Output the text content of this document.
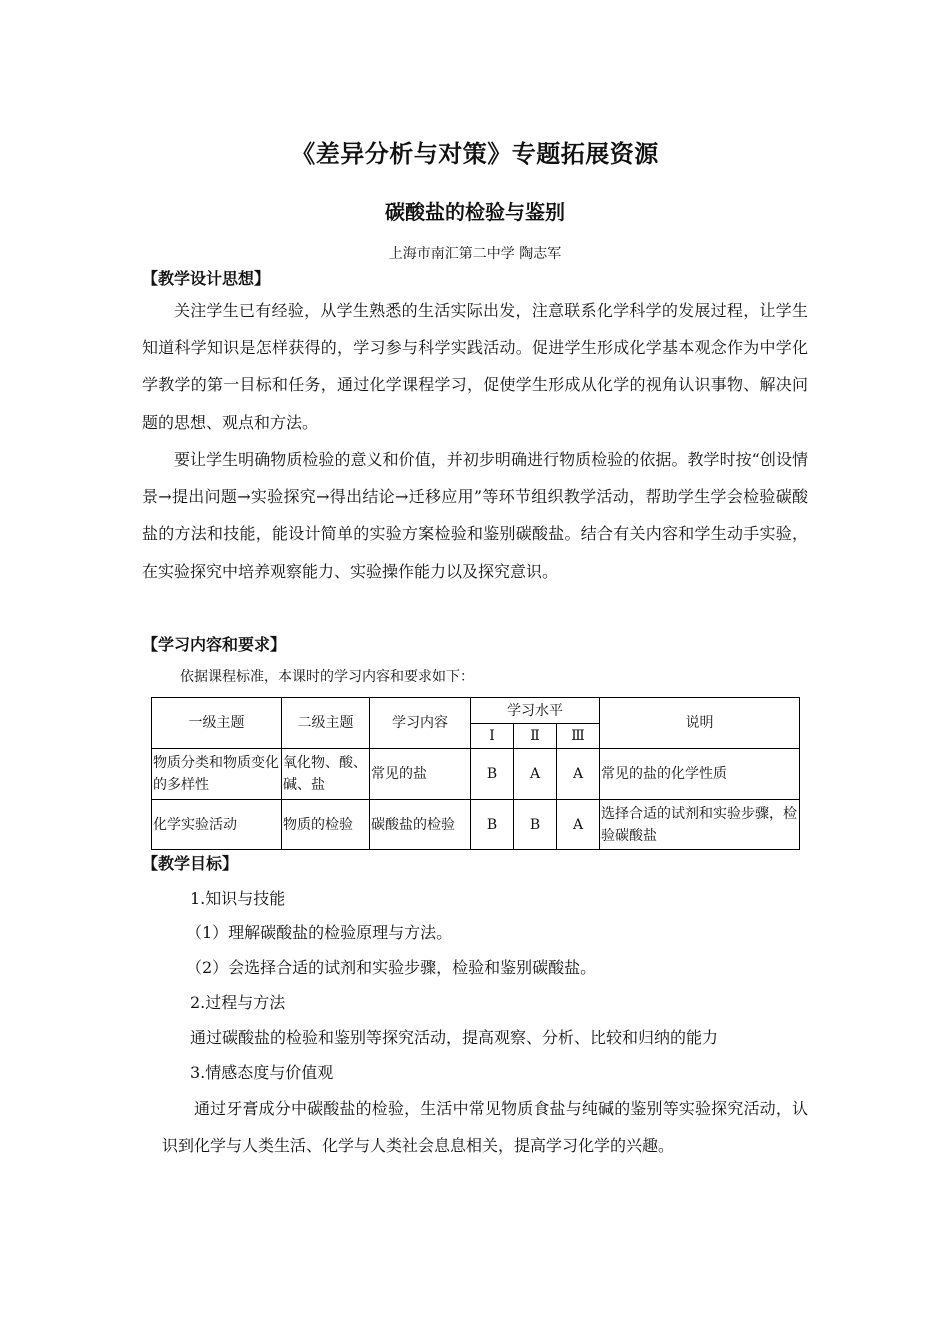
《差异分析与对策》专题拓展资源
碳酸盐的检验与鉴别
上海市南汇第二中学 陶志军
【教学设计思想】
关注学生已有经验，从学生熟悉的生活实际出发，注意联系化学科学的发展过程，让学生知道科学知识是怎样获得的，学习参与科学实践活动。促进学生形成化学基本观念作为中学化学教学的第一目标和任务，通过化学课程学习，促使学生形成从化学的视角认识事物、解决问题的思想、观点和方法。
要让学生明确物质检验的意义和价值，并初步明确进行物质检验的依据。教学时按“创设情景→提出问题→实验探究→得出结论→迁移应用”等环节组织教学活动，帮助学生学会检验碳酸盐的方法和技能，能设计简单的实验方案检验和鉴别碳酸盐。结合有关内容和学生动手实验，在实验探究中培养观察能力、实验操作能力以及探究意识。
【学习内容和要求】
依据课程标准，本课时的学习内容和要求如下：
一级主题	二级主题	学习内容	学习水平			说明
			Ⅰ	Ⅱ	Ⅲ	
物质分类和物质变化的多样性	氧化物、酸、碱、盐	常见的盐	B	A	A	常见的盐的化学性质
化学实验活动	物质的检验	碳酸盐的检验	B	B	A	选择合适的试剂和实验步骤，检验碳酸盐
【教学目标】
1.知识与技能
（1）理解碳酸盐的检验原理与方法。
（2）会选择合适的试剂和实验步骤，检验和鉴别碳酸盐。
2.过程与方法
通过碳酸盐的检验和鉴别等探究活动，提高观察、分析、比较和归纳的能力
3.情感态度与价值观
通过牙膏成分中碳酸盐的检验，生活中常见物质食盐与纯碱的鉴别等实验探究活动，认识到化学与人类生活、化学与人类社会息息相关，提高学习化学的兴趣。
